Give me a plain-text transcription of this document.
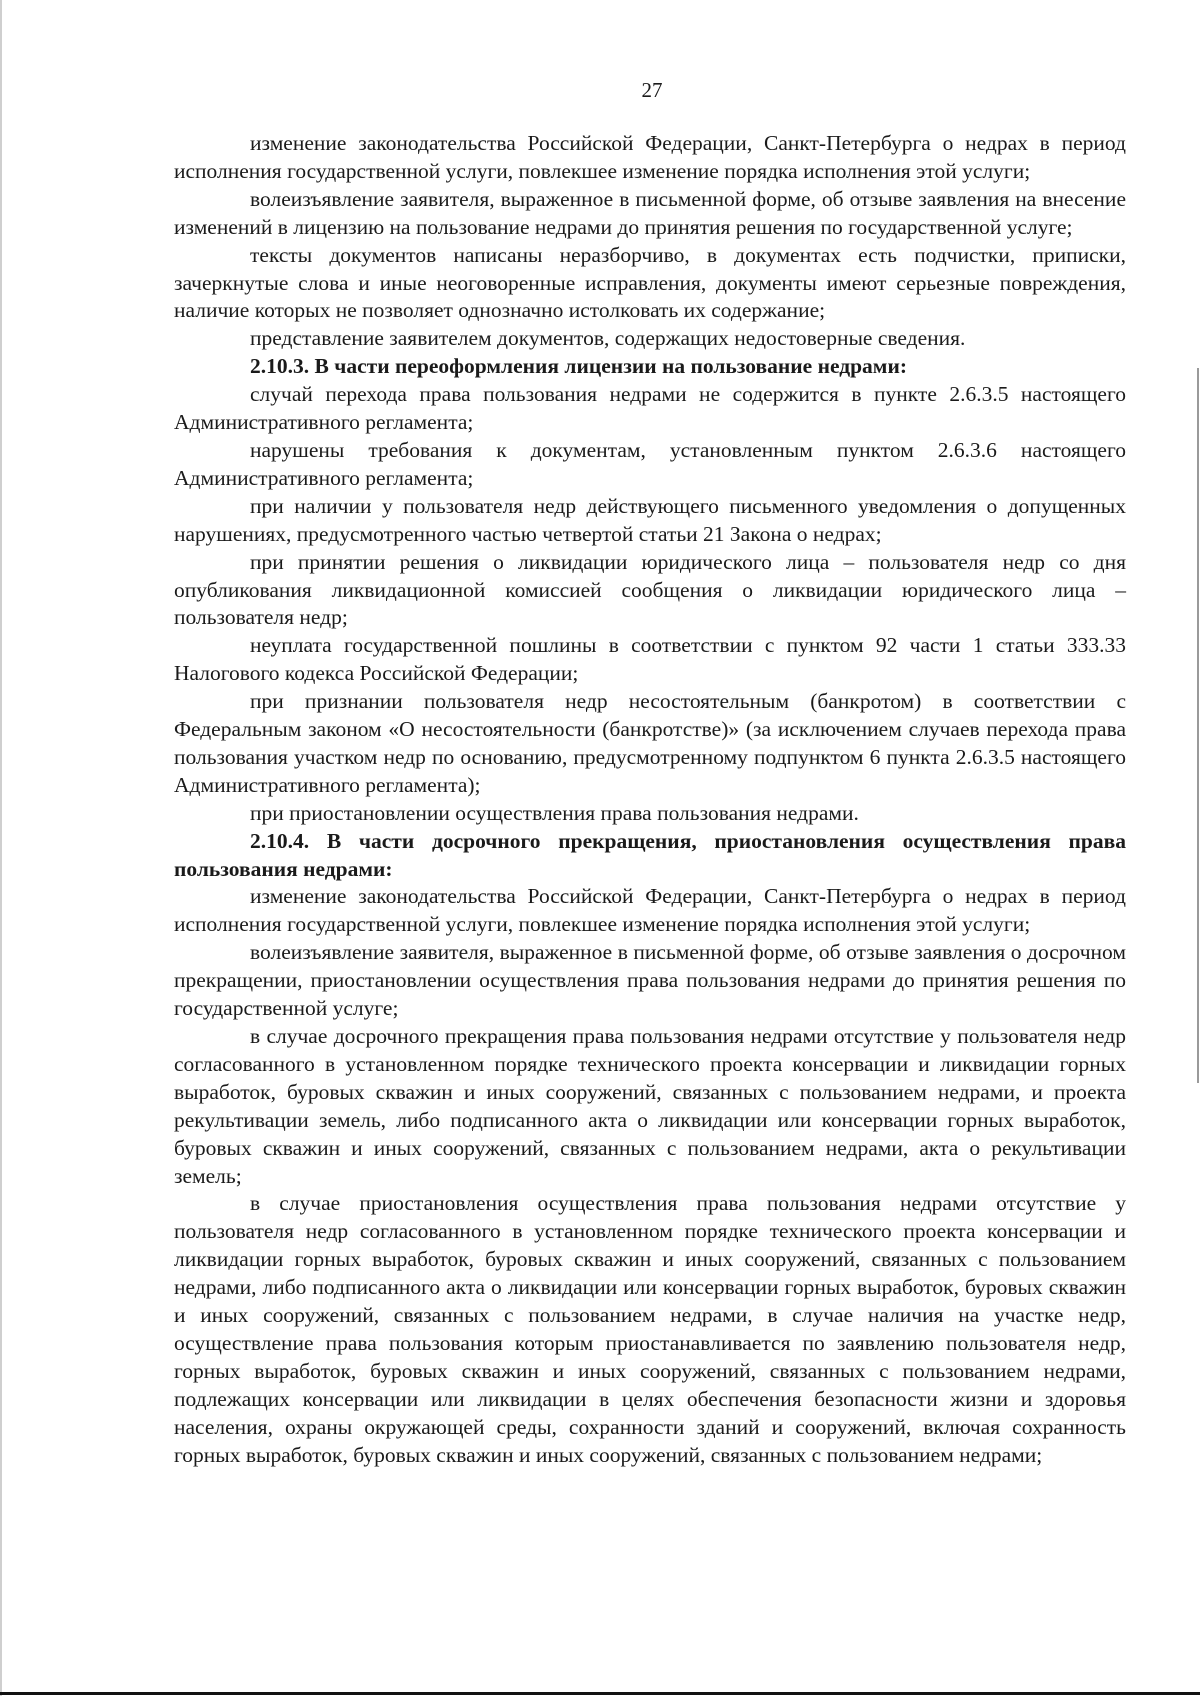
27

изменение законодательства Российской Федерации, Санкт-Петербурга о недрах в период исполнения государственной услуги, повлекшее изменение порядка исполнения этой услуги;

волеизъявление заявителя, выраженное в письменной форме, об отзыве заявления на внесение изменений в лицензию на пользование недрами до принятия решения по государственной услуге;

тексты документов написаны неразборчиво, в документах есть подчистки, приписки, зачеркнутые слова и иные неоговоренные исправления, документы имеют серьезные повреждения, наличие которых не позволяет однозначно истолковать их содержание;

представление заявителем документов, содержащих недостоверные сведения.

2.10.3. В части переоформления лицензии на пользование недрами:

случай перехода права пользования недрами не содержится в пункте 2.6.3.5 настоящего Административного регламента;

нарушены требования к документам, установленным пунктом 2.6.3.6 настоящего Административного регламента;

при наличии у пользователя недр действующего письменного уведомления о допущенных нарушениях, предусмотренного частью четвертой статьи 21 Закона о недрах;

при принятии решения о ликвидации юридического лица – пользователя недр со дня опубликования ликвидационной комиссией сообщения о ликвидации юридического лица – пользователя недр;

неуплата государственной пошлины в соответствии с пунктом 92 части 1 статьи 333.33 Налогового кодекса Российской Федерации;

при признании пользователя недр несостоятельным (банкротом) в соответствии с Федеральным законом «О несостоятельности (банкротстве)» (за исключением случаев перехода права пользования участком недр по основанию, предусмотренному подпунктом 6 пункта 2.6.3.5 настоящего Административного регламента);

при приостановлении осуществления права пользования недрами.

2.10.4. В части досрочного прекращения, приостановления осуществления права пользования недрами:

изменение законодательства Российской Федерации, Санкт-Петербурга о недрах в период исполнения государственной услуги, повлекшее изменение порядка исполнения этой услуги;

волеизъявление заявителя, выраженное в письменной форме, об отзыве заявления о досрочном прекращении, приостановлении осуществления права пользования недрами до принятия решения по государственной услуге;

в случае досрочного прекращения права пользования недрами отсутствие у пользователя недр согласованного в установленном порядке технического проекта консервации и ликвидации горных выработок, буровых скважин и иных сооружений, связанных с пользованием недрами, и проекта рекультивации земель, либо подписанного акта о ликвидации или консервации горных выработок, буровых скважин и иных сооружений, связанных с пользованием недрами, акта о рекультивации земель;

в случае приостановления осуществления права пользования недрами отсутствие у пользователя недр согласованного в установленном порядке технического проекта консервации и ликвидации горных выработок, буровых скважин и иных сооружений, связанных с пользованием недрами, либо подписанного акта о ликвидации или консервации горных выработок, буровых скважин и иных сооружений, связанных с пользованием недрами, в случае наличия на участке недр, осуществление права пользования которым приостанавливается по заявлению пользователя недр, горных выработок, буровых скважин и иных сооружений, связанных с пользованием недрами, подлежащих консервации или ликвидации в целях обеспечения безопасности жизни и здоровья населения, охраны окружающей среды, сохранности зданий и сооружений, включая сохранность горных выработок, буровых скважин и иных сооружений, связанных с пользованием недрами;
